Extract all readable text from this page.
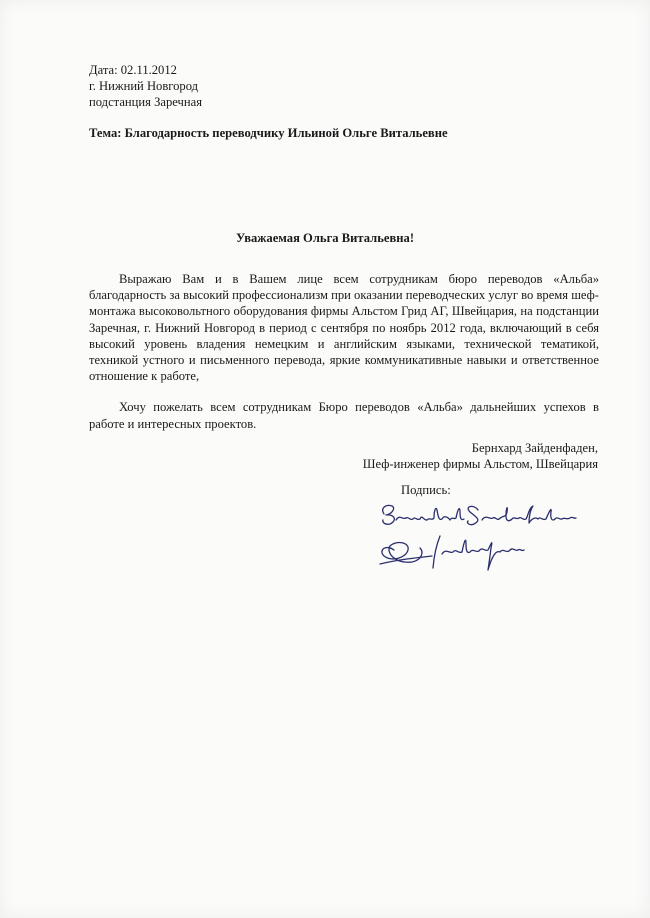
Дата: 02.11.2012
г. Нижний Новгород
подстанция Заречная
Тема: Благодарность переводчику Ильиной Ольге Витальевне
Уважаемая Ольга Витальевна!

Выражаю Вам и в Вашем лице всем сотрудникам бюро переводов «Альба» благодарность за высокий профессионализм при оказании переводческих услуг во время шеф-монтажа высоковольтного оборудования фирмы Альстом Грид АГ, Швейцария, на подстанции Заречная, г. Нижний Новгород в период с сентября по ноябрь 2012 года, включающий в себя высокий уровень владения немецким и английским языками, технической тематикой, техникой устного и письменного перевода, яркие коммуникативные навыки и ответственное отношение к работе,

Хочу пожелать всем сотрудникам Бюро переводов «Альба» дальнейших успехов в работе и интересных проектов.

Бернхард Зайденфаден,
Шеф-инженер фирмы Альстом, Швейцария
Подпись:
